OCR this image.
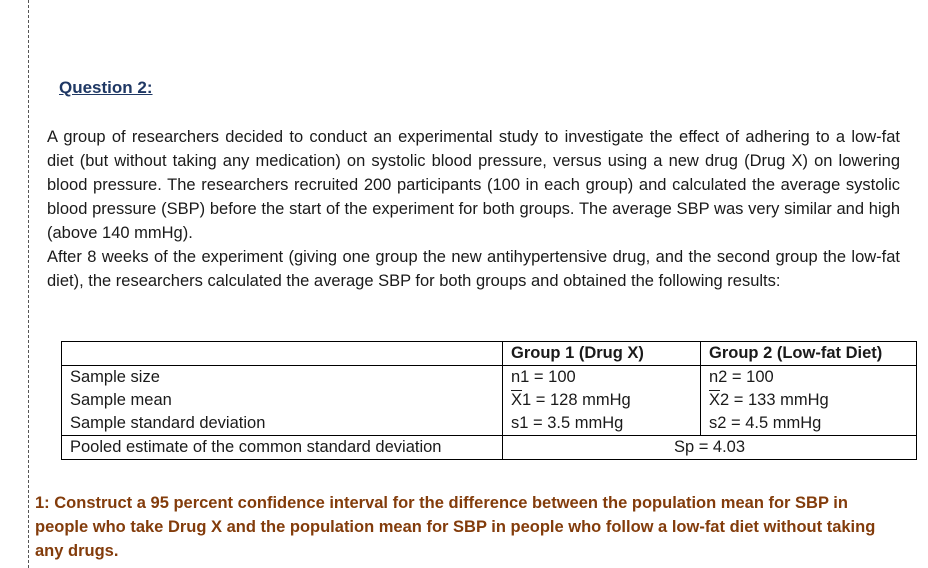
Question 2:

A group of researchers decided to conduct an experimental study to investigate the effect of adhering to a low-fat diet (but without taking any medication) on systolic blood pressure, versus using a new drug (Drug X) on lowering blood pressure. The researchers recruited 200 participants (100 in each group) and calculated the average systolic blood pressure (SBP) before the start of the experiment for both groups. The average SBP was very similar and high (above 140 mmHg).

After 8 weeks of the experiment (giving one group the new antihypertensive drug, and the second group the low-fat diet), the researchers calculated the average SBP for both groups and obtained the following results:

	Group 1 (Drug X)	Group 2 (Low-fat Diet)
Sample size	n1 = 100	n2 = 100
Sample mean	$\overline{X}1 = 128$ mmHg	$\overline{X}2 = 133$ mmHg
Sample standard deviation	s1 = 3.5 mmHg	s2 = 4.5 mmHg
Pooled estimate of the common standard deviation	Sp = 4.03	

1: Construct a 95 percent confidence interval for the difference between the population mean for SBP in people who take Drug X and the population mean for SBP in people who follow a low-fat diet without taking any drugs.
